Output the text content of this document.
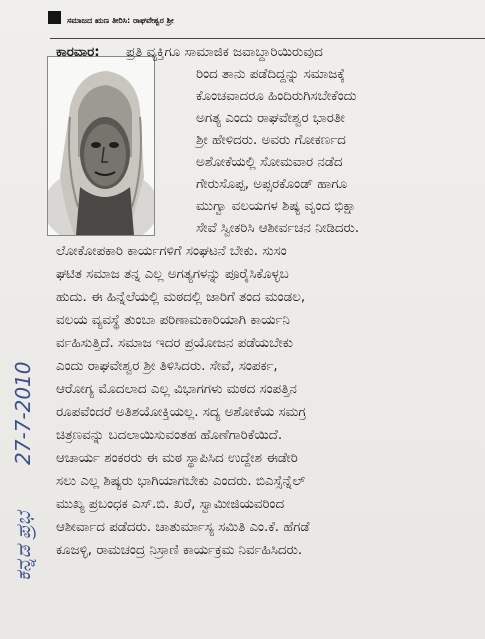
ಸಮಾಜದ ಋಣ ತೀರಿಸಿ: ರಾಘವೇಶ್ವರ ಶ್ರೀ
ಕನ್ನಡ ಪ್ರಭ
27-7-2010
ಕಾರವಾರ: ಪ್ರತಿ ವ್ಯಕ್ತಿಗೂ ಸಾಮಾಜಿಕ ಜವಾಬ್ದಾರಿಯಿರುವುದ
ರಿಂದ ತಾನು ಪಡೆದಿದ್ದನ್ನು ಸಮಾಜಕ್ಕೆ
ಕೊಂಚವಾದರೂ ಹಿಂದಿರುಗಿಸಬೇಕೆಂದು
ಅಗತ್ಯ ಎಂದು ರಾಘವೇಶ್ವರ ಭಾರತೀ
ಶ್ರೀ ಹೇಳಿದರು. ಅವರು ಗೋಕರ್ಣದ
ಅಶೋಕೆಯಲ್ಲಿ ಸೋಮವಾರ ನಡೆದ
ಗೇರುಸೊಪ್ಪ, ಅಪ್ಸರಕೊಂಡ್ ಹಾಗೂ
ಮುಗ್ವಾ ವಲಯಗಳ ಶಿಷ್ಯ ವೃಂದ ಭಿಕ್ಷಾ
ಸೇವೆ ಸ್ವೀಕರಿಸಿ ಆಶೀರ್ವಚನ ನೀಡಿದರು.
ಲೋಕೋಪಕಾರಿ ಕಾರ್ಯಗಳಿಗೆ ಸಂಘಟನೆ ಬೇಕು. ಸುಸಂ
ಘಟಿತ ಸಮಾಜ ತನ್ನ ಎಲ್ಲ ಅಗತ್ಯಗಳನ್ನು ಪೂರೈಸಿಕೊಳ್ಳಬ
ಹುದು. ಈ ಹಿನ್ನೆಲೆಯಲ್ಲಿ ಮಠದಲ್ಲಿ ಜಾರಿಗೆ ತಂದ ಮಂಡಲ,
ವಲಯ ವ್ಯವಸ್ಥೆ ತುಂಬಾ ಪರಿಣಾಮಕಾರಿಯಾಗಿ ಕಾರ್ಯನಿ
ರ್ವಹಿಸುತ್ತಿದೆ. ಸಮಾಜ ಇದರ ಪ್ರಯೋಜನ ಪಡೆಯಬೇಕು
ಎಂದು ರಾಘವೇಶ್ವರ ಶ್ರೀ ತಿಳಿಸಿದರು. ಸೇವೆ, ಸಂಪರ್ಕ,
ಆರೋಗ್ಯ ಮೊದಲಾದ ಎಲ್ಲ ವಿಭಾಗಗಳು ಮಠದ ಸಂಪತ್ತಿನ
ರೂಪವೆಂದರೆ ಅತಿಶಯೋಕ್ತಿಯಲ್ಲ. ಸದ್ಯ ಅಶೋಕೆಯ ಸಮಗ್ರ
ಚಿತ್ರಣವನ್ನು ಬದಲಾಯಿಸುವಂತಹ ಹೊಣೆಗಾರಿಕೆಯಿದೆ.
ಆಚಾರ್ಯ ಶಂಕರರು ಈ ಮಠ ಸ್ಥಾಪಿಸಿದ ಉದ್ದೇಶ ಈಡೇರಿ
ಸಲು ಎಲ್ಲ ಶಿಷ್ಯರು ಭಾಗಿಯಾಗಬೇಕು ಎಂದರು. ಬಿಎಸ್ಸೆನ್ನೆಲ್
ಮುಖ್ಯ ಪ್ರಬಂಧಕ ಎಸ್.ಬಿ. ಖರೆ, ಸ್ವಾಮೀಜಿಯವರಿಂದ
ಆಶೀರ್ವಾದ ಪಡೆದರು. ಚಾತುರ್ಮಾಸ್ಯ ಸಮಿತಿ ಎಂ.ಕೆ. ಹೆಗಡೆ
ಕೂಜಳ್ಳಿ, ರಾಮಚಂದ್ರ ನಿಸ್ರಾಣಿ ಕಾರ್ಯಕ್ರಮ ನಿರ್ವಹಿಸಿದರು.
